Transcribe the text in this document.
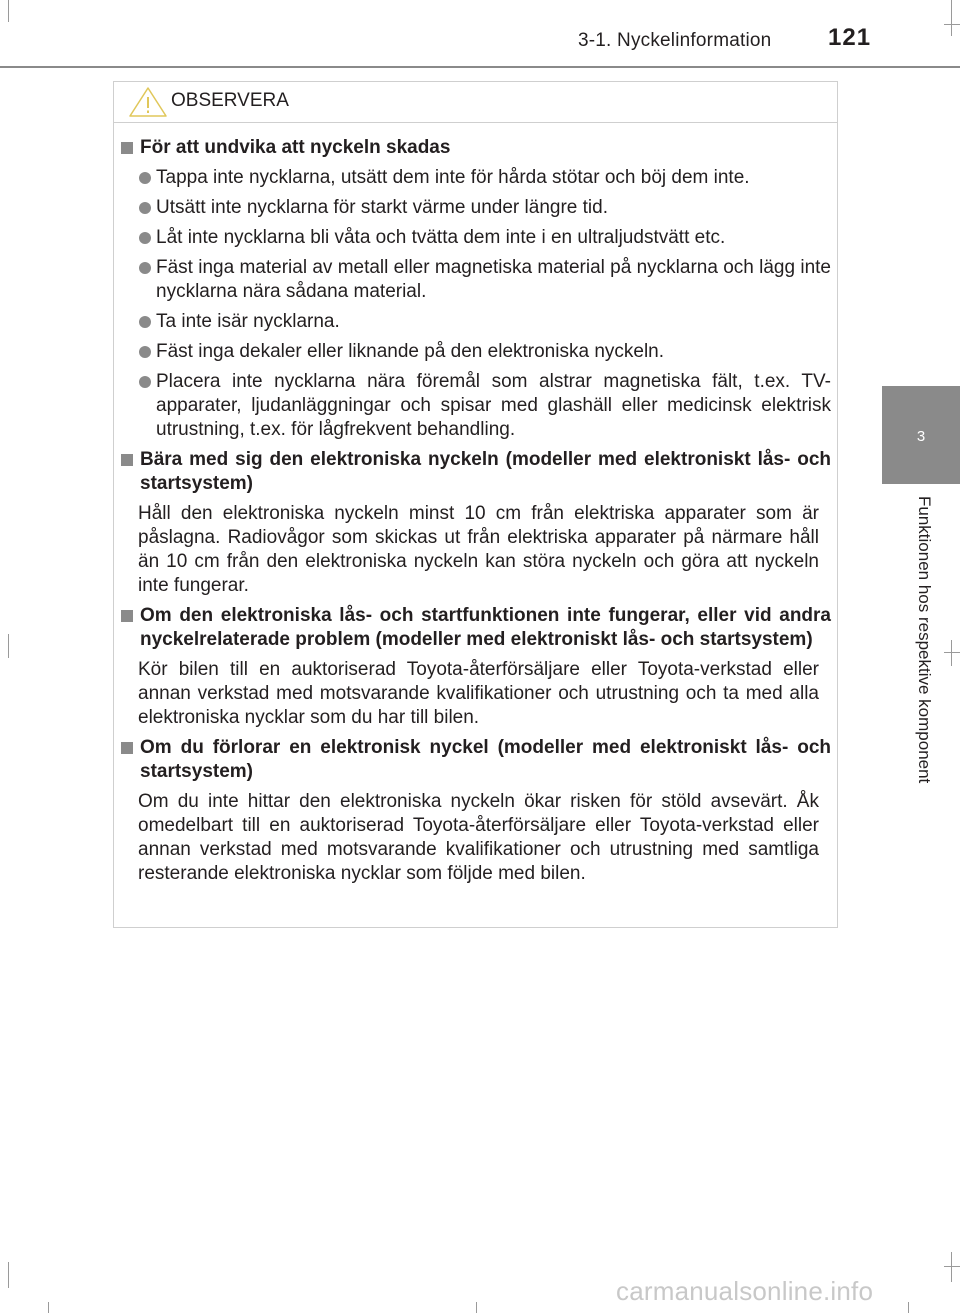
3-1. Nyckelinformation 121
3
Funktionen hos respektive komponent
OBSERVERA
För att undvika att nyckeln skadas
Tappa inte nycklarna, utsätt dem inte för hårda stötar och böj dem inte.
Utsätt inte nycklarna för starkt värme under längre tid.
Låt inte nycklarna bli våta och tvätta dem inte i en ultraljudstvätt etc.
Fäst inga material av metall eller magnetiska material på nycklarna och lägg inte nycklarna nära sådana material.
Ta inte isär nycklarna.
Fäst inga dekaler eller liknande på den elektroniska nyckeln.
Placera inte nycklarna nära föremål som alstrar magnetiska fält, t.ex. TV-apparater, ljudanläggningar och spisar med glashäll eller medicinsk elektrisk utrustning, t.ex. för lågfrekvent behandling.
Bära med sig den elektroniska nyckeln (modeller med elektroniskt lås- och startsystem)
Håll den elektroniska nyckeln minst 10 cm från elektriska apparater som är påslagna. Radiovågor som skickas ut från elektriska apparater på närmare håll än 10 cm från den elektroniska nyckeln kan störa nyckeln och göra att nyckeln inte fungerar.
Om den elektroniska lås- och startfunktionen inte fungerar, eller vid andra nyckelrelaterade problem (modeller med elektroniskt lås- och startsystem)
Kör bilen till en auktoriserad Toyota-återförsäljare eller Toyota-verkstad eller annan verkstad med motsvarande kvalifikationer och utrustning och ta med alla elektroniska nycklar som du har till bilen.
Om du förlorar en elektronisk nyckel (modeller med elektroniskt lås- och startsystem)
Om du inte hittar den elektroniska nyckeln ökar risken för stöld avsevärt. Åk omedelbart till en auktoriserad Toyota-återförsäljare eller Toyota-verkstad eller annan verkstad med motsvarande kvalifikationer och utrustning med samtliga resterande elektroniska nycklar som följde med bilen.
carmanualsonline.info
